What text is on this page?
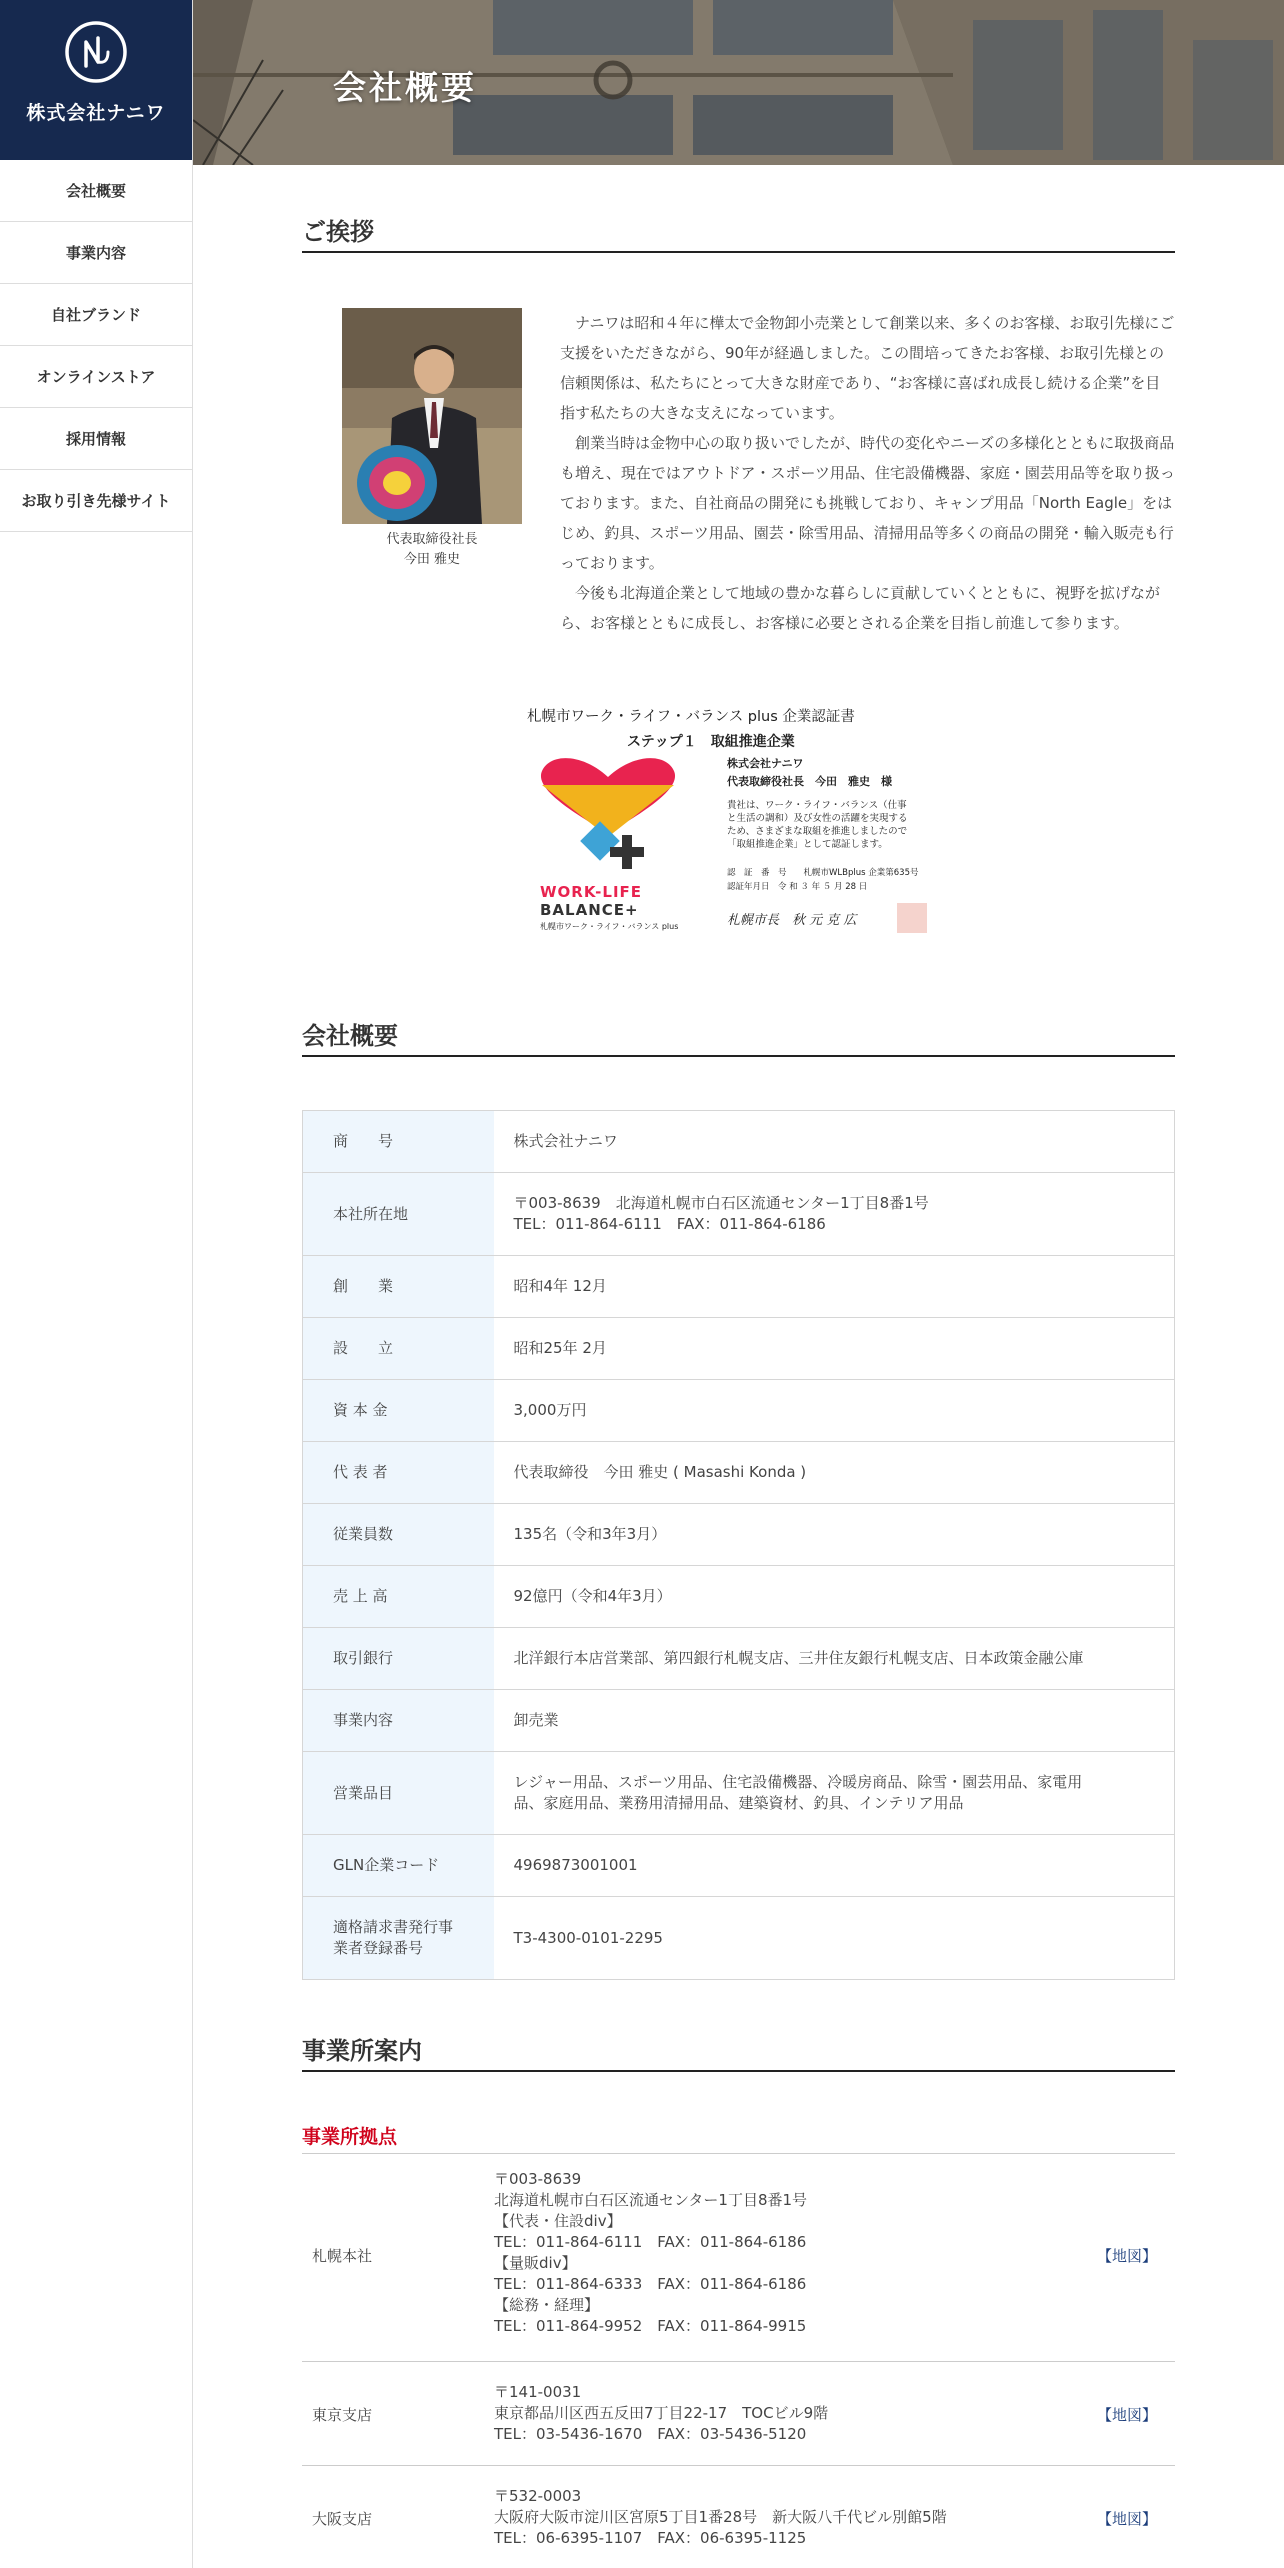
株式会社ナニワ
会社概要
事業内容
自社ブランド
オンラインストア
採用情報
お取り引き先様サイト
会社概要
ご挨拶
代表取締役社長
今田 雅史

ナニワは昭和４年に樺太で金物卸小売業として創業以来、多くのお客様、お取引先様にご支援をいただきながら、90年が経過しました。この間培ってきたお客様、お取引先様との信頼関係は、私たちにとって大きな財産であり、“お客様に喜ばれ成長し続ける企業”を目指す私たちの大きな支えになっています。

創業当時は金物中心の取り扱いでしたが、時代の変化やニーズの多様化とともに取扱商品も増え、現在ではアウトドア・スポーツ用品、住宅設備機器、家庭・園芸用品等を取り扱っております。また、自社商品の開発にも挑戦しており、キャンプ用品「North Eagle」をはじめ、釣具、スポーツ用品、園芸・除雪用品、清掃用品等多くの商品の開発・輸入販売も行っております。

今後も北海道企業として地域の豊かな暮らしに貢献していくとともに、視野を拡げながら、お客様とともに成長し、お客様に必要とされる企業を目指し前進して参ります。

札幌市ワーク・ライフ・バランス plus 企業認証書
ステップ１　取組推進企業
WORK-LIFE
BALANCE+
札幌市ワーク・ライフ・バランス plus
株式会社ナニワ
代表取締役社長　今田　雅史　様
貴社は、ワーク・ライフ・バランス（仕事
と生活の調和）及び女性の活躍を実現する
ため、さまざまな取組を推進しましたので
「取組推進企業」として認証します。
認　証　番　号　　札幌市WLBplus 企業第635号
認証年月日　令 和 ３ 年 ５ 月 28 日
札幌市長　秋 元 克 広
会社概要
商　　号	株式会社ナニワ
本社所在地	〒003-8639　北海道札幌市白石区流通センター1丁目8番1号
TEL：011-864-6111　FAX：011-864-6186

創　　業	昭和4年 12月
設　　立	昭和25年 2月
資 本 金	3,000万円
代 表 者	代表取締役　今田 雅史 ( Masashi Konda )
従業員数	135名（令和3年3月）
売 上 高	92億円（令和4年3月）
取引銀行	北洋銀行本店営業部、第四銀行札幌支店、三井住友銀行札幌支店、日本政策金融公庫
事業内容	卸売業
営業品目	レジャー用品、スポーツ用品、住宅設備機器、冷暖房商品、除雪・園芸用品、家電用
品、家庭用品、業務用清掃用品、建築資材、釣具、インテリア用品

GLN企業コード	4969873001001

適格請求書発行事
業者登録番号	T3-4300-0101-2295
事業所案内
事業所拠点
札幌本社
〒003-8639
北海道札幌市白石区流通センター1丁目8番1号
【代表・住設div】
TEL：011-864-6111　FAX：011-864-6186
【量販div】
TEL：011-864-6333　FAX：011-864-6186
【総務・経理】
TEL：011-864-9952　FAX：011-864-9915
【地図】
東京支店
〒141-0031
東京都品川区西五反田7丁目22-17　TOCビル9階
TEL：03-5436-1670　FAX：03-5436-5120
【地図】
大阪支店
〒532-0003
大阪府大阪市淀川区宮原5丁目1番28号　新大阪八千代ビル別館5階
TEL：06-6395-1107　FAX：06-6395-1125
【地図】
